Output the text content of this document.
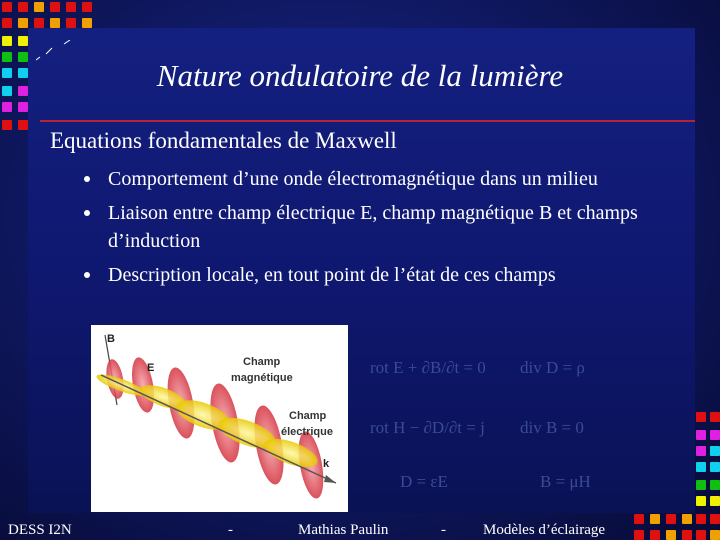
Nature ondulatoire de la lumière
Equations fondamentales de Maxwell
Comportement d’une onde électromagnétique dans un milieu
Liaison entre champ électrique E, champ magnétique B et champs d’induction
Description locale, en tout point de l’état de ces champs
B
E
k
Champ magnétique
Champ électrique
rot E + ∂B/∂t = 0 div D = ρ
rot H − ∂D/∂t = j div B = 0
D = εE	B = μH
DESS I2N	-	Mathias Paulin	- Modèles d’éclairage
